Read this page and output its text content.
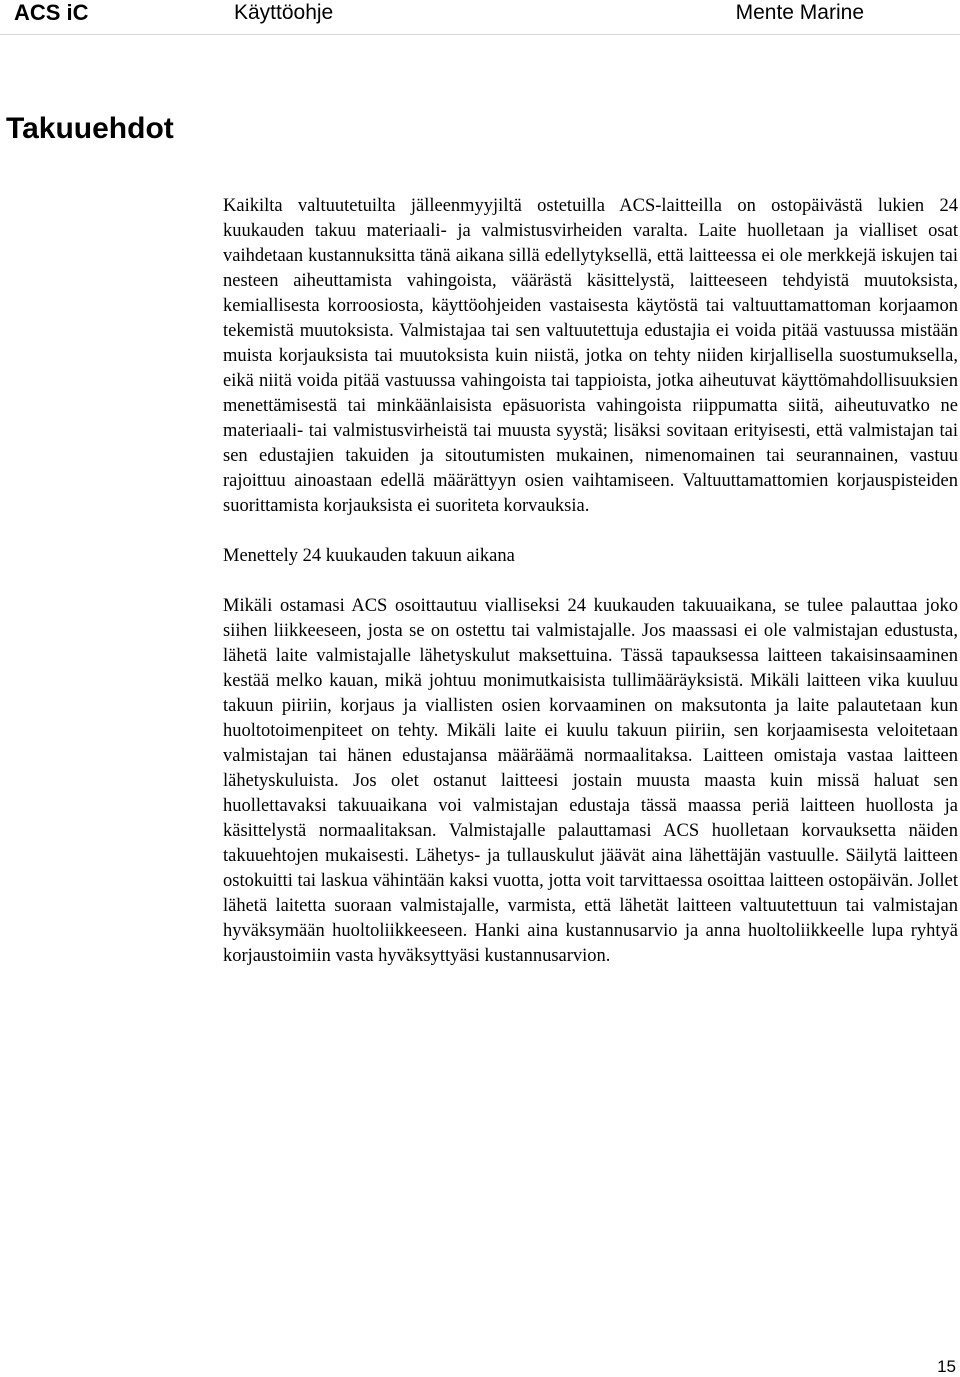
ACS iC	Käyttöohje	Mente Marine
Takuuehdot

Kaikilta valtuutetuilta jälleenmyyjiltä ostetuilla ACS-laitteilla on ostopäivästä lukien 24 kuukauden takuu materiaali- ja valmistusvirheiden varalta. Laite huolletaan ja vialliset osat vaihdetaan kustannuksitta tänä aikana sillä edellytyksellä, että laitteessa ei ole merkkejä iskujen tai nesteen aiheuttamista vahingoista, väärästä käsittelystä, laitteeseen tehdyistä muutoksista, kemiallisesta korroosiosta, käyttöohjeiden vastaisesta käytöstä tai valtuuttamattoman korjaamon tekemistä muutoksista. Valmistajaa tai sen valtuutettuja edustajia ei voida pitää vastuussa mistään muista korjauksista tai muutoksista kuin niistä, jotka on tehty niiden kirjallisella suostumuksella, eikä niitä voida pitää vastuussa vahingoista tai tappioista, jotka aiheutuvat käyttömahdollisuuksien menettämisestä tai minkäänlaisista epäsuorista vahingoista riippumatta siitä, aiheutuvatko ne materiaali- tai valmistusvirheistä tai muusta syystä; lisäksi sovitaan erityisesti, että valmistajan tai sen edustajien takuiden ja sitoutumisten mukainen, nimenomainen tai seurannainen, vastuu rajoittuu ainoastaan edellä määrättyyn osien vaihtamiseen. Valtuuttamattomien korjauspisteiden suorittamista korjauksista ei suoriteta korvauksia.

Menettely 24 kuukauden takuun aikana

Mikäli ostamasi ACS osoittautuu vialliseksi 24 kuukauden takuuaikana, se tulee palauttaa joko siihen liikkeeseen, josta se on ostettu tai valmistajalle. Jos maassasi ei ole valmistajan edustusta, lähetä laite valmistajalle lähetyskulut maksettuina. Tässä tapauksessa laitteen takaisinsaaminen kestää melko kauan, mikä johtuu monimutkaisista tullimääräyksistä. Mikäli laitteen vika kuuluu takuun piiriin, korjaus ja viallisten osien korvaaminen on maksutonta ja laite palautetaan kun huoltotoimenpiteet on tehty. Mikäli laite ei kuulu takuun piiriin, sen korjaamisesta veloitetaan valmistajan tai hänen edustajansa määräämä normaalitaksa. Laitteen omistaja vastaa laitteen lähetyskuluista. Jos olet ostanut laitteesi jostain muusta maasta kuin missä haluat sen huollettavaksi takuuaikana voi valmistajan edustaja tässä maassa periä laitteen huollosta ja käsittelystä normaalitaksan. Valmistajalle palauttamasi ACS huolletaan korvauksetta näiden takuuehtojen mukaisesti. Lähetys- ja tullauskulut jäävät aina lähettäjän vastuulle. Säilytä laitteen ostokuitti tai laskua vähintään kaksi vuotta, jotta voit tarvittaessa osoittaa laitteen ostopäivän. Jollet lähetä laitetta suoraan valmistajalle, varmista, että lähetät laitteen valtuutettuun tai valmistajan hyväksymään huoltoliikkeeseen. Hanki aina kustannusarvio ja anna huoltoliikkeelle lupa ryhtyä korjaustoimiin vasta hyväksyttyäsi kustannusarvion.

15
